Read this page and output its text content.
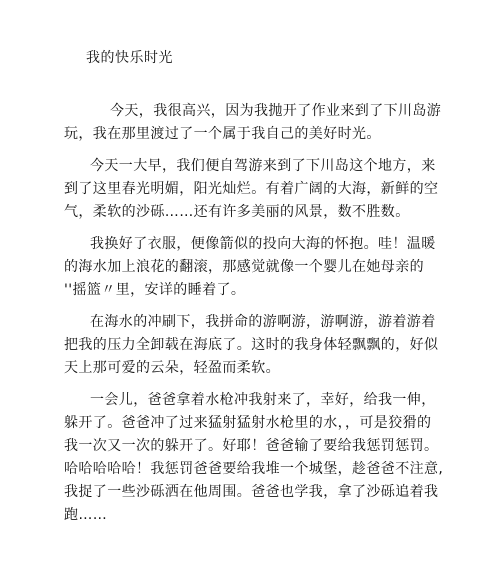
我的快乐时光
今天，我很高兴，因为我抛开了作业来到了下川岛游
玩，我在那里渡过了一个属于我自己的美好时光。
今天一大早，我们便自驾游来到了下川岛这个地方，来
到了这里春光明媚，阳光灿烂。有着广阔的大海，新鲜的空
气，柔软的沙砾……还有许多美丽的风景，数不胜数。
我换好了衣服，便像箭似的投向大海的怀抱。哇！温暖
的海水加上浪花的翻滚，那感觉就像一个婴儿在她母亲的
''摇篮〃里，安详的睡着了。
在海水的冲刷下，我拼命的游啊游，游啊游，游着游着
把我的压力全卸载在海底了。这时的我身体轻飘飘的，好似
天上那可爱的云朵，轻盈而柔软。
一会儿，爸爸拿着水枪冲我射来了，幸好，给我一伸，
躲开了。爸爸冲了过来猛射猛射水枪里的水，，可是狡猾的
我一次又一次的躲开了。好耶！爸爸输了要给我惩罚惩罚。
哈哈哈哈哈！我惩罚爸爸要给我堆一个城堡，趁爸爸不注意,
我捉了一些沙砾洒在他周围。爸爸也学我，拿了沙砾追着我
跑……
